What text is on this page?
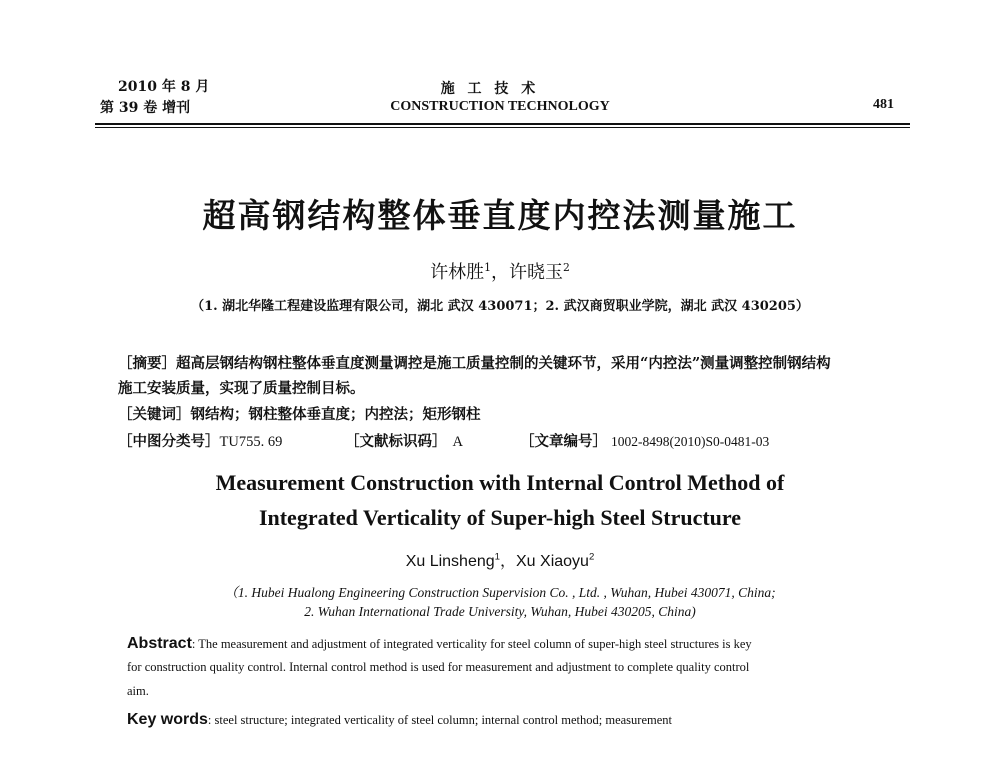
2010 年 8 月
第 39 卷 增刊
施 工 技 术
CONSTRUCTION TECHNOLOGY	481
超高钢结构整体垂直度内控法测量施工
许林胜$^1$，许晓玉$^2$
（1. 湖北华隆工程建设监理有限公司，湖北 武汉 430071；2. 武汉商贸职业学院，湖北 武汉 430205）
［摘要］超高层钢结构钢柱整体垂直度测量调控是施工质量控制的关键环节，采用“内控法”测量调整控制钢结构
施工安装质量，实现了质量控制目标。
［关键词］钢结构；钢柱整体垂直度；内控法；矩形钢柱
［中图分类号］TU755. 69	［文献标识码］ A	［文章编号］ 1002-8498(2010)S0-0481-03
Measurement Construction with Internal Control Method of
Integrated Verticality of Super-high Steel Structure
Xu Linsheng$^1$，Xu Xiaoyu$^2$
（1. Hubei Hualong Engineering Construction Supervision Co. , Ltd. , Wuhan, Hubei 430071, China;
2. Wuhan International Trade University, Wuhan, Hubei 430205, China)
Abstract: The measurement and adjustment of integrated verticality for steel column of super-high steel structures is key
for construction quality control. Internal control method is used for measurement and adjustment to complete quality control
aim.
Key words: steel structure; integrated verticality of steel column; internal control method; measurement
